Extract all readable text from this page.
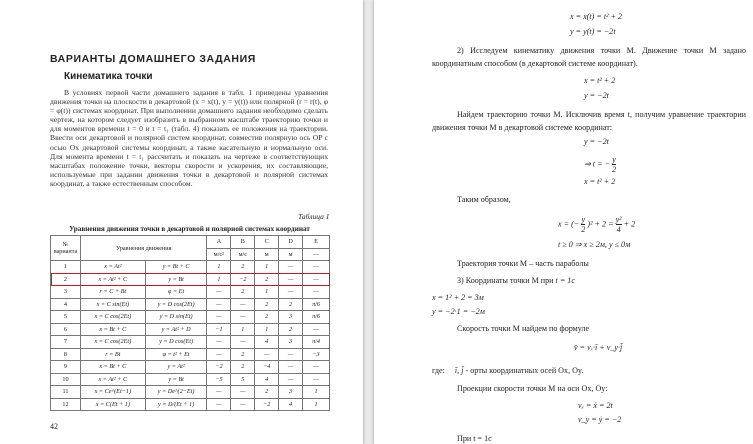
ВАРИАНТЫ ДОМАШНЕГО ЗАДАНИЯ
Кинематика точки
В условиях первой части домашнего задания в табл. 1 приведены уравнения движения точки на плоскости в декартовой (x = x(t), y = y(t)) или полярной (r = r(t), φ = φ(t)) системах координат. При выполнении домашнего задания необходимо сделать чертеж, на котором следует изобразить в выбранном масштабе траекторию точки и для моментов времени t = 0 и t = t₁ (табл. 4) показать ее положения на траектории. Ввести оси декартовой и полярной систем координат, совместив полярную ось OP с осью Ox декартовой системы координат, а также касательную и нормальную оси. Для момента времени t = t₁ рассчитать и показать на чертеже в соответствующих масштабах положение точки, векторы скорости и ускорения, их составляющие, используемые при задании движения точки в декартовой и полярной системах координат, а также естественным способом.
Таблица 1
Уравнения движения точки в декартовой и полярной системах координат
№
варианта	Уравнения движения		A	B	C	D	E
			м/с²	м/с	м	м	—
1	x = At²	y = Bt + C	1	2	1	—	—
2	x = At² + C	y = Bt	1	−2	2	—	—
3	r = C + Bt	φ = Et	—	2	1	—	—
4	x = C sin(Et)	y = D cos(2Et)	—	—	2	2	π/6
5	x = C cos(2Et)	y = D sin(Et)	—	—	2	3	π/6
6	x = Bt + C	y = At² + D	−1	1	1	2	—
7	x = C cos(2Et)	y = D cos(Et)	—	—	4	3	π/4
8	r = Bt	φ = t² + Et	—	2	—	—	−3
9	x = Bt + C	y = At²	−2	2	−4	—	—
10	x = At² + C	y = Bt	−5	5	4	—	—
11	x = Ce^(Et−1)	y = De^(2−Et)	—	—	2	3	1
12	x = C(Et + 1)	y = D/(Et + 1)	—	—	−2	4	1
42
x = x(t) = t² + 2
y = y(t) = −2t
2) Исследуем кинематику движения точки М. Движение точки М задано координатным способом (в декартовой системе координат).
x = t² + 2
y = −2t
Найдем траекторию точки М. Исключив время t, получим уравнение траектории движения точки М в декартовой системе координат:
y = −2t
⇒ t = − $\frac{y}{2}$
x = t² + 2
Таким образом,
x = (− $\frac{y}{2} )^2 + 2 = \frac{\text{y²}}{4} + 2$
t ≥ 0 ⇒ x ≥ 2м, y ≤ 0м
Траектория точки М – часть параболы
3) Координаты точки М при t = 1c
x = 1² + 2 = 3м
y = −2·1 = −2м
Скорость точки М найдем по формуле
v̄ = vₓ·ī + v_y·j̄
где: ī, j̄ - орты координатных осей Ox, Oy.
Проекции скорости точки М на оси Ox, Oy:
vₓ = ẋ = 2t
v_y = ẏ = −2
При t = 1c
